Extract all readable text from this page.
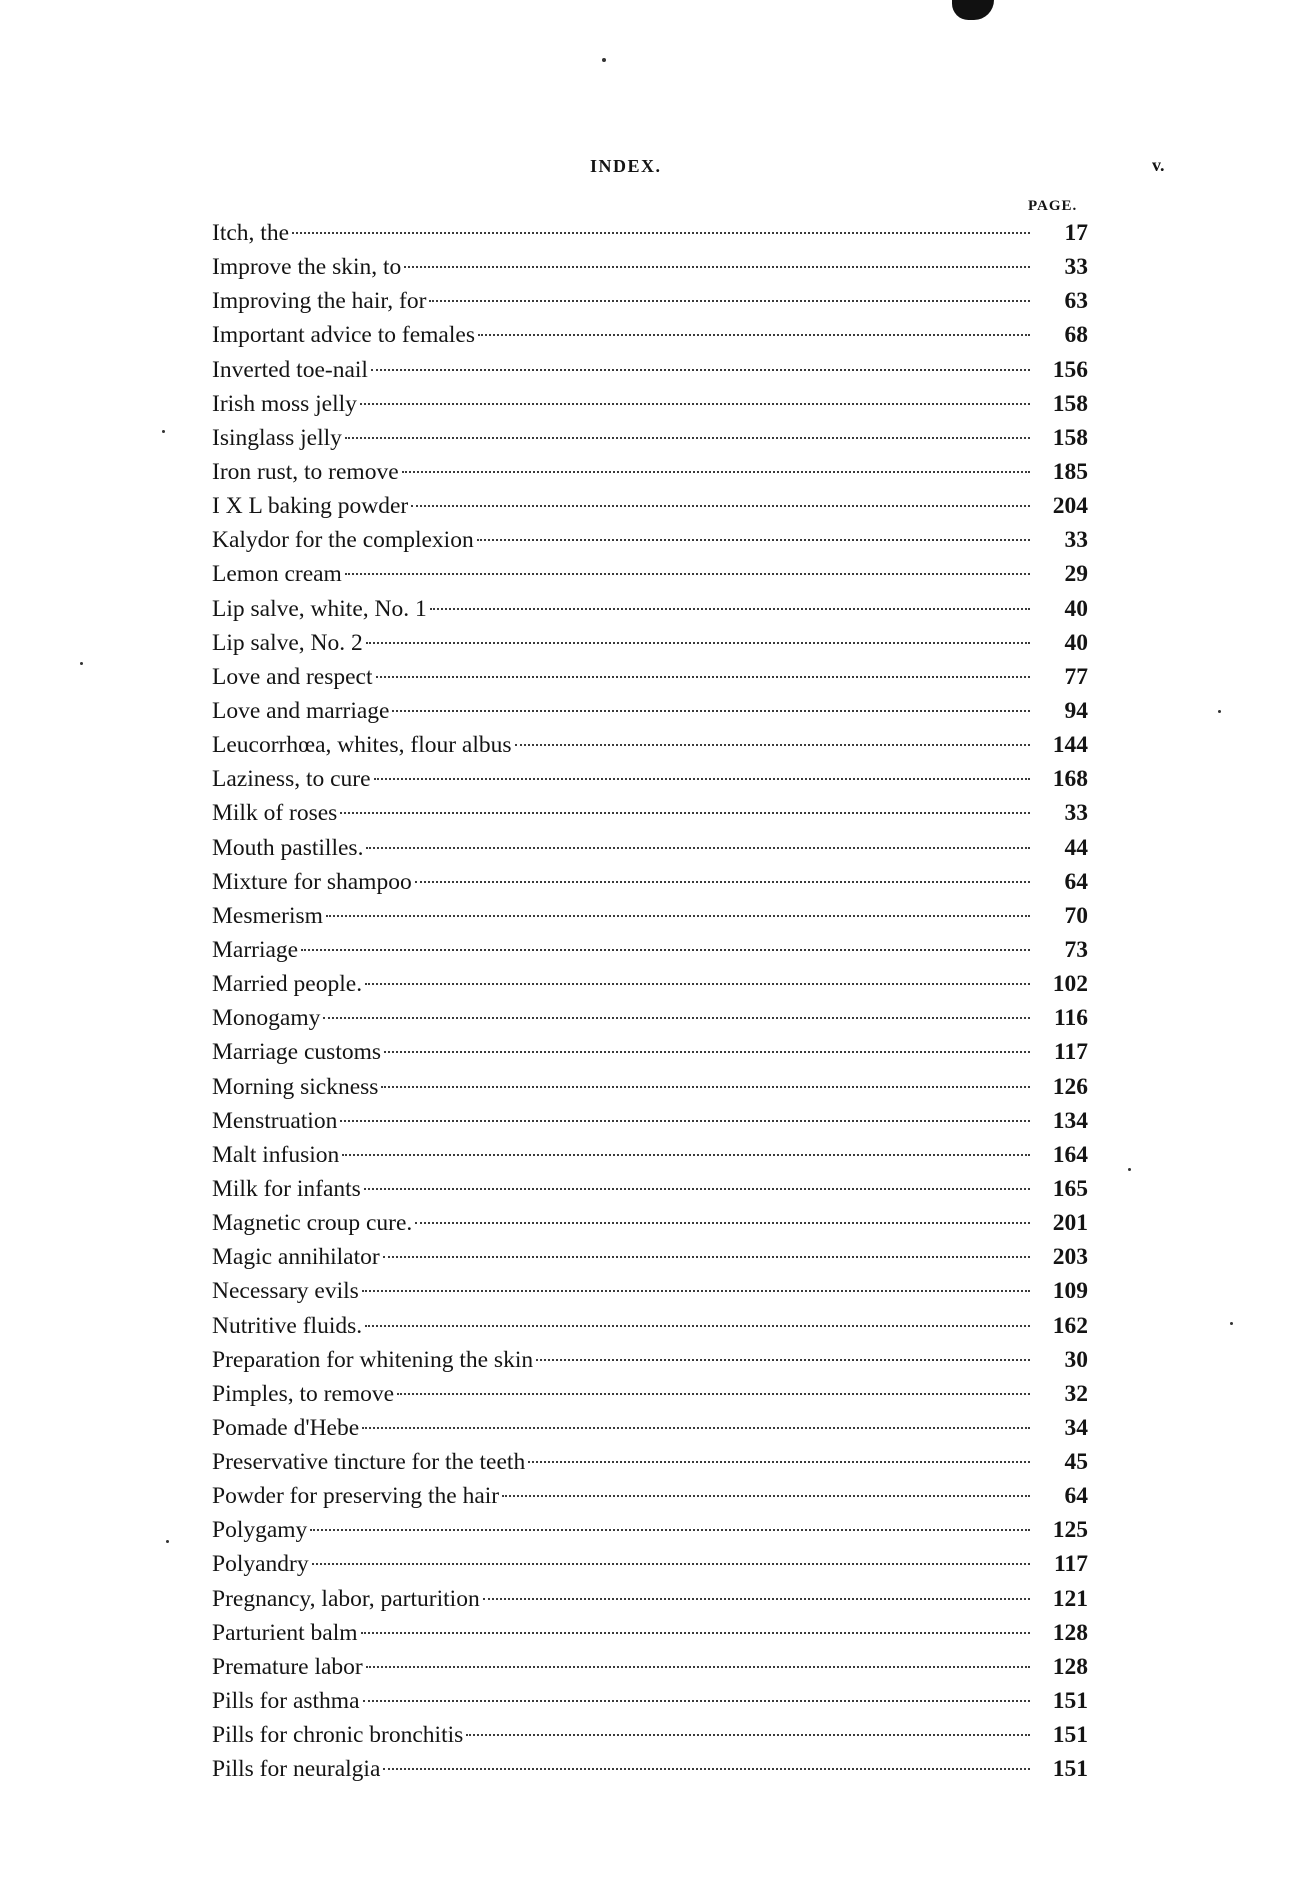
INDEX.	v.
PAGE.
Itch, the	17
Improve the skin, to	33
Improving the hair, for	63
Important advice to females	68
Inverted toe-nail	156
Irish moss jelly	158
Isinglass jelly	158
Iron rust, to remove	185
I X L baking powder	204
Kalydor for the complexion	33
Lemon cream	29
Lip salve, white, No. 1	40
Lip salve, No. 2	40
Love and respect	77
Love and marriage	94
Leucorrhœa, whites, flour albus	144
Laziness, to cure	168
Milk of roses	33
Mouth pastilles.	44
Mixture for shampoo	64
Mesmerism	70
Marriage	73
Married people.	102
Monogamy	116
Marriage customs	117
Morning sickness	126
Menstruation	134
Malt infusion	164
Milk for infants	165
Magnetic croup cure.	201
Magic annihilator	203
Necessary evils	109
Nutritive fluids.	162
Preparation for whitening the skin	30
Pimples, to remove	32
Pomade d'Hebe	34
Preservative tincture for the teeth	45
Powder for preserving the hair	64
Polygamy	125
Polyandry	117
Pregnancy, labor, parturition	121
Parturient balm	128
Premature labor	128
Pills for asthma	151
Pills for chronic bronchitis	151
Pills for neuralgia	151
